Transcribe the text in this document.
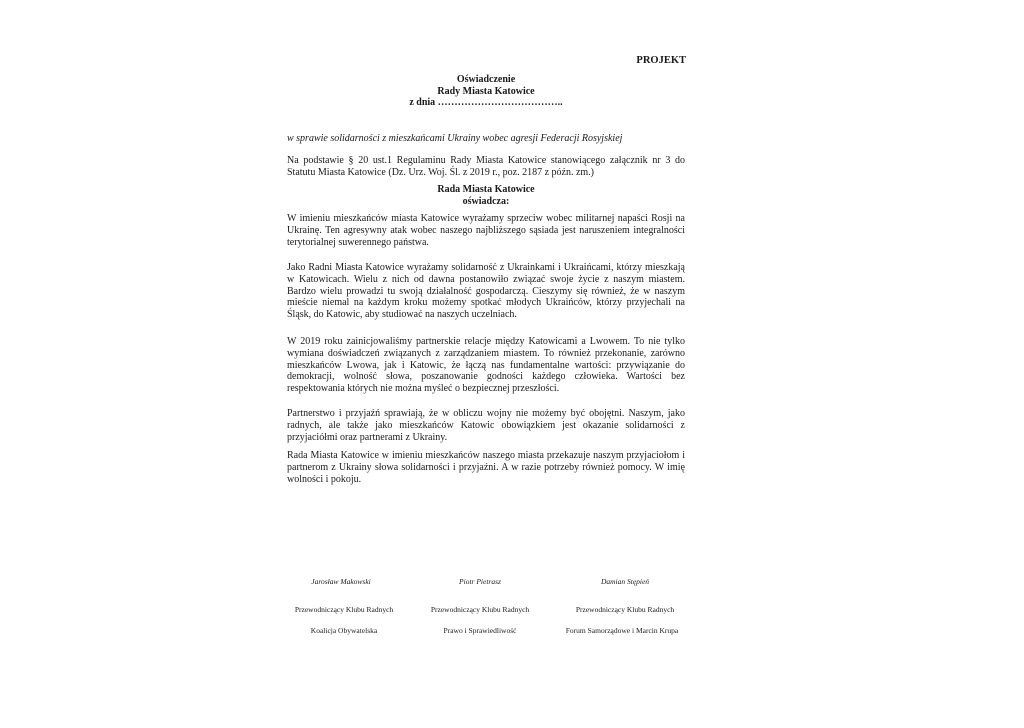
PROJEKT
Oświadczenie
Rady Miasta Katowice
z dnia ………………………………..
w sprawie solidarności z mieszkańcami Ukrainy wobec agresji Federacji Rosyjskiej
Na podstawie § 20 ust.1 Regulaminu Rady Miasta Katowice stanowiącego załącznik nr 3 do Statutu Miasta Katowice (Dz. Urz. Woj. Śl. z 2019 r., poz. 2187 z późn. zm.)
Rada Miasta Katowice
oświadcza:
W imieniu mieszkańców miasta Katowice wyrażamy sprzeciw wobec militarnej napaści Rosji na Ukrainę. Ten agresywny atak wobec naszego najbliższego sąsiada jest naruszeniem integralności terytorialnej suwerennego państwa.
Jako Radni Miasta Katowice wyrażamy solidarność z Ukrainkami i Ukraińcami, którzy mieszkają w Katowicach. Wielu z nich od dawna postanowiło związać swoje życie z naszym miastem. Bardzo wielu prowadzi tu swoją działalność gospodarczą. Cieszymy się również, że w naszym mieście niemal na każdym kroku możemy spotkać młodych Ukraińców, którzy przyjechali na Śląsk, do Katowic, aby studiować na naszych uczelniach.
W 2019 roku zainicjowaliśmy partnerskie relacje między Katowicami a Lwowem. To nie tylko wymiana doświadczeń związanych z zarządzaniem miastem. To również przekonanie, zarówno mieszkańców Lwowa, jak i Katowic, że łączą nas fundamentalne wartości: przywiązanie do demokracji, wolność słowa, poszanowanie godności każdego człowieka. Wartości bez respektowania których nie można myśleć o bezpiecznej przeszłości.
Partnerstwo i przyjaźń sprawiają, że w obliczu wojny nie możemy być obojętni. Naszym, jako radnych, ale także jako mieszkańców Katowic obowiązkiem jest okazanie solidarności z przyjaciółmi oraz partnerami z Ukrainy.
Rada Miasta Katowice w imieniu mieszkańców naszego miasta przekazuje naszym przyjaciołom i partnerom z Ukrainy słowa solidarności i przyjaźni. A w razie potrzeby również pomocy. W imię wolności i pokoju.
Jarosław Makowski
Przewodniczący Klubu Radnych
Koalicja Obywatelska
Piotr Pietrasz
Przewodniczący Klubu Radnych
Prawo i Sprawiedliwość
Damian Stępień
Przewodniczący Klubu Radnych
Forum Samorządowe i Marcin Krupa
